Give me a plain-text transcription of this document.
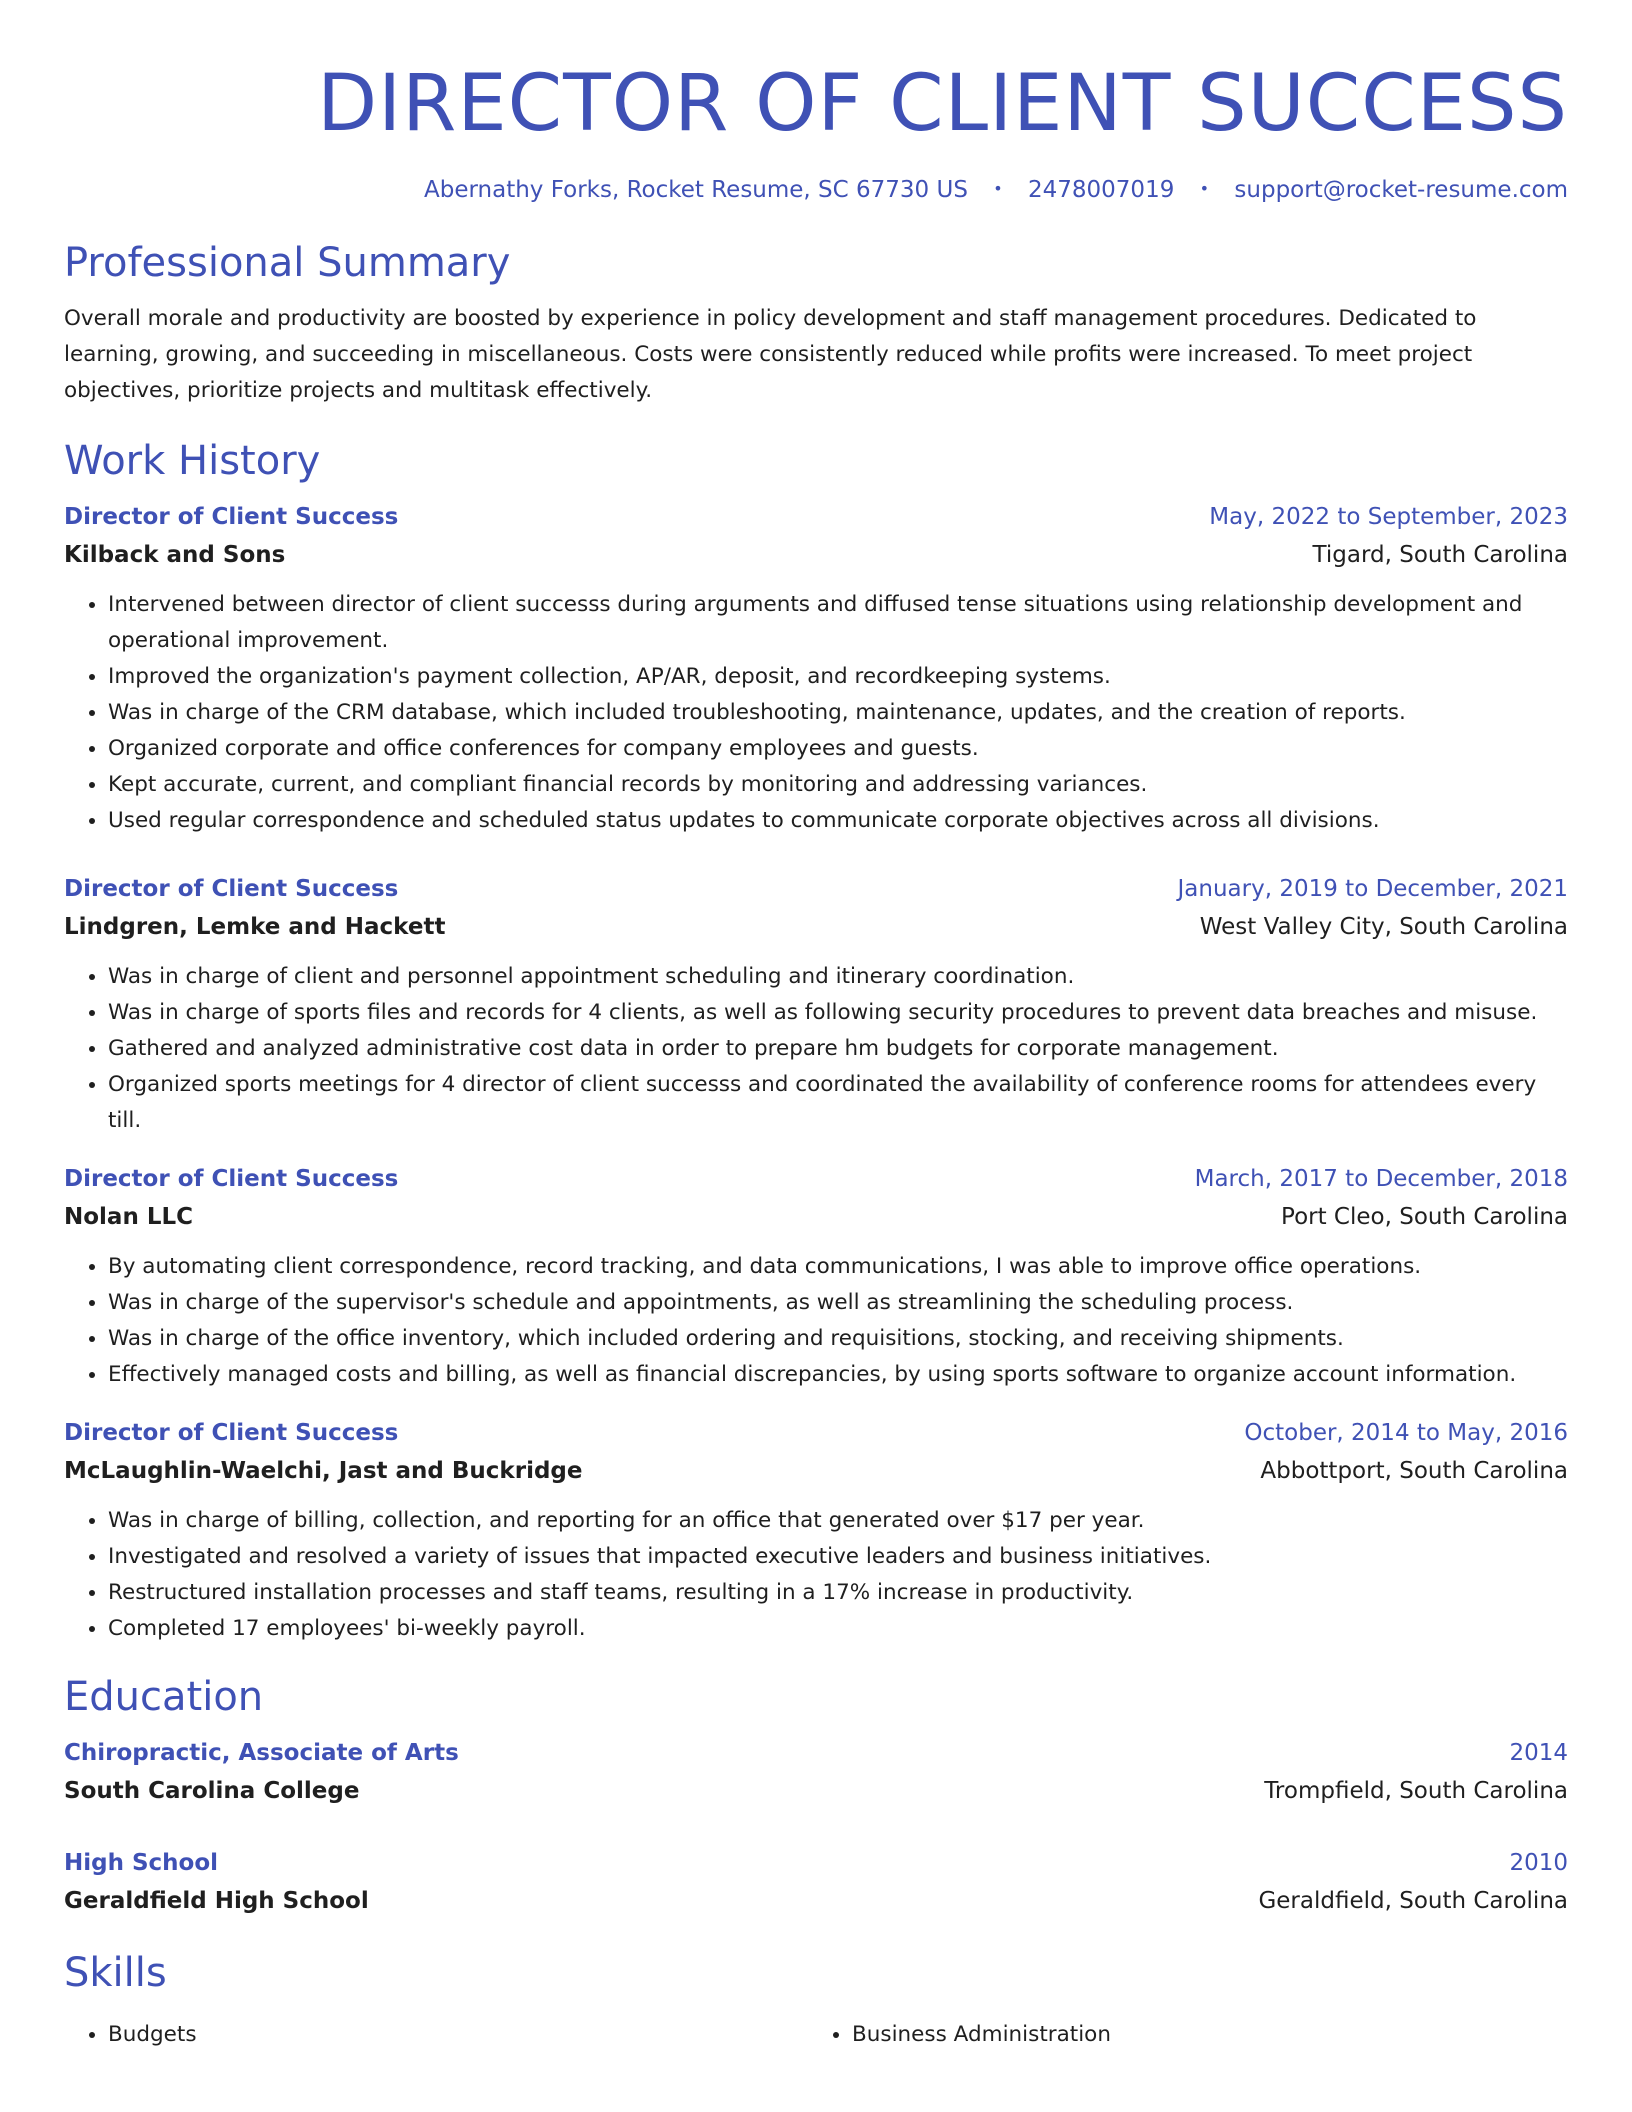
DIRECTOR OF CLIENT SUCCESS
Abernathy Forks, Rocket Resume, SC 67730 US • 2478007019 • support@rocket-resume.com
Professional Summary

Overall morale and productivity are boosted by experience in policy development and staff management procedures. Dedicated to learning, growing, and succeeding in miscellaneous. Costs were consistently reduced while profits were increased. To meet project objectives, prioritize projects and multitask effectively.

Work History
Director of Client Success	May, 2022 to September, 2023
Kilback and Sons	Tigard, South Carolina
• Intervened between director of client successs during arguments and diffused tense situations using relationship development and operational improvement.
• Improved the organization's payment collection, AP/AR, deposit, and recordkeeping systems.
• Was in charge of the CRM database, which included troubleshooting, maintenance, updates, and the creation of reports.
• Organized corporate and office conferences for company employees and guests.
• Kept accurate, current, and compliant financial records by monitoring and addressing variances.
• Used regular correspondence and scheduled status updates to communicate corporate objectives across all divisions.
Director of Client Success	January, 2019 to December, 2021
Lindgren, Lemke and Hackett	West Valley City, South Carolina
• Was in charge of client and personnel appointment scheduling and itinerary coordination.
• Was in charge of sports files and records for 4 clients, as well as following security procedures to prevent data breaches and misuse.
• Gathered and analyzed administrative cost data in order to prepare hm budgets for corporate management.
• Organized sports meetings for 4 director of client successs and coordinated the availability of conference rooms for attendees every till.
Director of Client Success	March, 2017 to December, 2018
Nolan LLC	Port Cleo, South Carolina
• By automating client correspondence, record tracking, and data communications, I was able to improve office operations.
• Was in charge of the supervisor's schedule and appointments, as well as streamlining the scheduling process.
• Was in charge of the office inventory, which included ordering and requisitions, stocking, and receiving shipments.
• Effectively managed costs and billing, as well as financial discrepancies, by using sports software to organize account information.
Director of Client Success	October, 2014 to May, 2016
McLaughlin-Waelchi, Jast and Buckridge	Abbottport, South Carolina
• Was in charge of billing, collection, and reporting for an office that generated over $17 per year.
• Investigated and resolved a variety of issues that impacted executive leaders and business initiatives.
• Restructured installation processes and staff teams, resulting in a 17% increase in productivity.
• Completed 17 employees' bi-weekly payroll.
Education
Chiropractic, Associate of Arts	2014
South Carolina College	Trompfield, South Carolina
High School	2010
Geraldfield High School	Geraldfield, South Carolina
Skills
• Budgets
•	Business Administration
